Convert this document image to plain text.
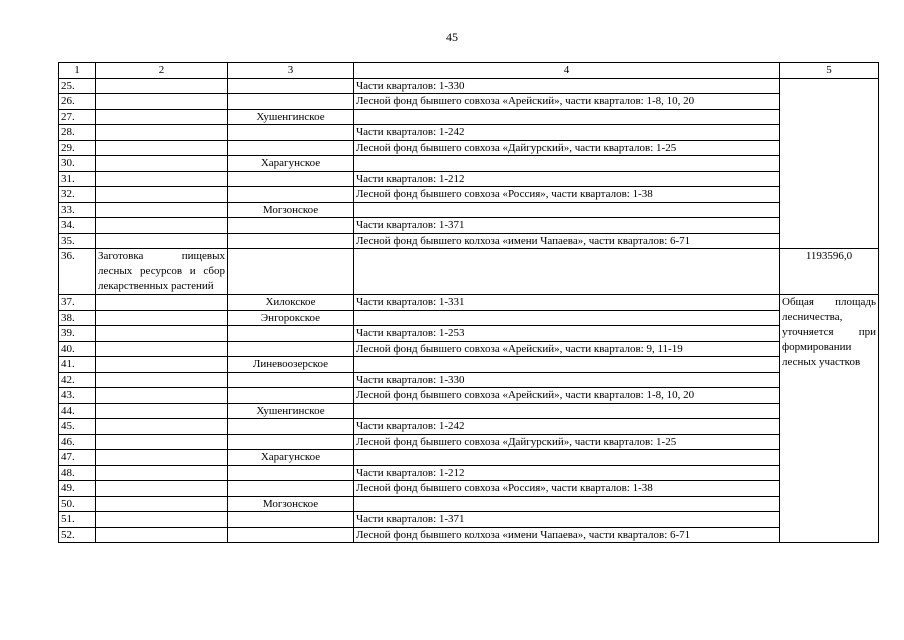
45
1	2	3	4	5
25.			Части кварталов: 1-330	
26.			Лесной фонд бывшего совхоза «Арейский», части кварталов: 1-8, 10, 20	
27.		Хушенгинское		
28.			Части кварталов: 1-242	
29.			Лесной фонд бывшего совхоза «Дайгурский», части кварталов: 1-25	
30.		Харагунское		
31.			Части кварталов: 1-212	
32.			Лесной фонд бывшего совхоза «Россия», части кварталов: 1-38	
33.		Могзонское		
34.			Части кварталов: 1-371	
35.			Лесной фонд бывшего колхоза «имени Чапаева», части кварталов: 6-71	
36.	Заготовка пищевых лесных ресурсов и сбор лекарственных растений			1193596,0
37.		Хилокское	Части кварталов: 1-331	Общая площадь лесничества, уточняется при формировании лесных участков
38.		Энгорокское		
39.			Части кварталов: 1-253	
40.			Лесной фонд бывшего совхоза «Арейский», части кварталов: 9, 11-19	
41.		Линевоозерское		
42.			Части кварталов: 1-330	
43.			Лесной фонд бывшего совхоза «Арейский», части кварталов: 1-8, 10, 20	
44.		Хушенгинское		
45.			Части кварталов: 1-242	
46.			Лесной фонд бывшего совхоза «Дайгурский», части кварталов: 1-25	
47.		Харагунское		
48.			Части кварталов: 1-212	
49.			Лесной фонд бывшего совхоза «Россия», части кварталов: 1-38	
50.		Могзонское		
51.			Части кварталов: 1-371	
52.			Лесной фонд бывшего колхоза «имени Чапаева», части кварталов: 6-71	
